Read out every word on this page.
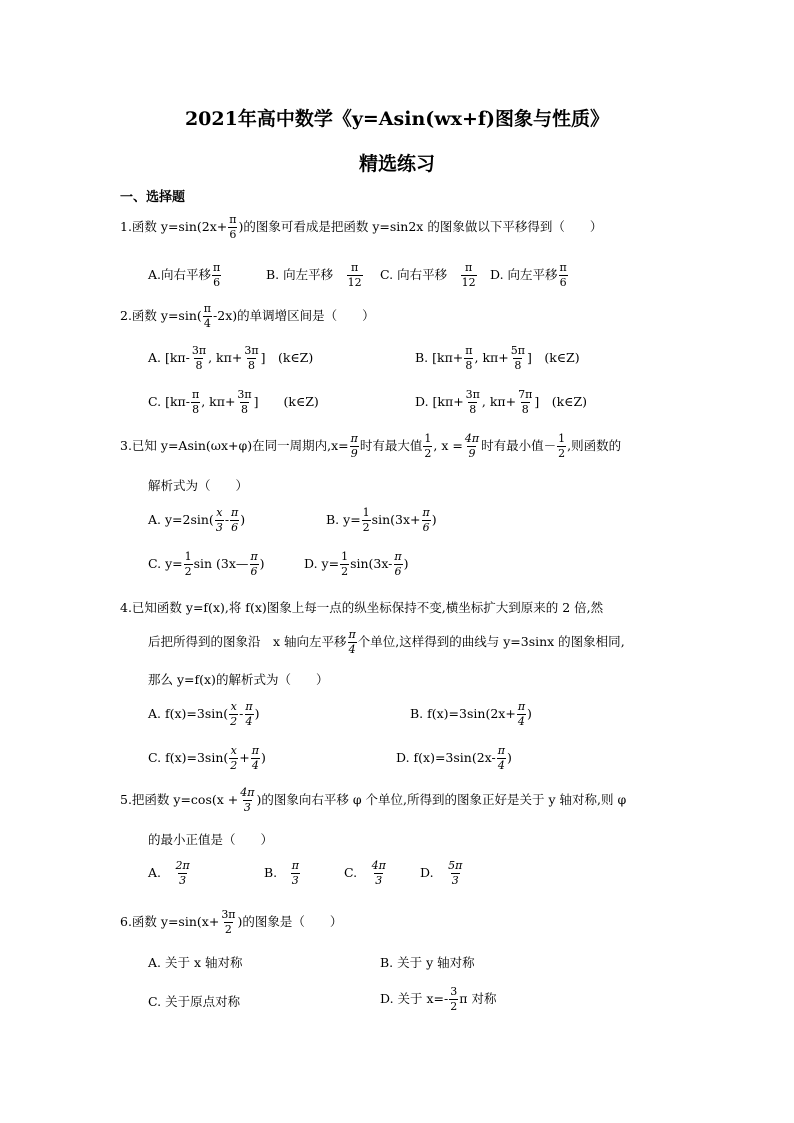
2021年高中数学《y=Asin(wx+f)图象与性质》
精选练习
一、选择题
1.函数 $y=\sin(2x+ \frac{\pi}{6}$ )的图象可看成是把函数 y=sin2x 的图象做以下平移得到（　　）
A.向右平移 $\frac{\pi}{6}$	B. 向左平移　 $\frac{\pi}{12} C$. 向右平移　 $\frac{\pi}{12} D$. 向左平移 $\frac{\pi}{6}$
2.函数 $y=\sin( \frac{\pi}{4} -2x)$的单调增区间是（　　）
A. [$k\pi- \frac{3\pi}{8}$ , $k\pi+ \frac{3\pi}{8}$ ]　(k∈Z)	B. [$k\pi+ \frac{\pi}{8}$ , $k\pi+ \frac{5\pi}{8}$ ]　(k∈Z)
C. [$k\pi- \frac{\pi}{8}$ , $k\pi+ \frac{3\pi}{8}$ ]　　(k∈Z)	D. [$k\pi+ \frac{3\pi}{8}$ , $k\pi+ \frac{7\pi}{8}$ ]　(k∈Z)
3.已知 y=Asin(ωx+φ)在同一周期内$,x= \frac{\pi}{9}$ 时有最大值 $\frac{1}{2}$ , $x = \frac{4\pi}{9}$ 时有最小值－ $\frac{1}{2}$ ,则函数的
解析式为（　　）
A. $y=2\sin( \frac{x}{3} - \frac{\pi}{6}$ )	B. $y= \frac{1}{2} \sin(3x+ \frac{\pi}{6}$ )
C. $y= \frac{1}{2}$ sin (3x— $\frac{\pi}{6}$ )	D. $y= \frac{1}{2} \sin(3x- \frac{\pi}{6}$ )
4.已知函数 y=f(x),将 f(x)图象上每一点的纵坐标保持不变,横坐标扩大到原来的 2 倍,然
后把所得到的图象沿　x 轴向左平移 $\frac{\pi}{4}$ 个单位,这样得到的曲线与 y=3sinx 的图象相同,
那么 y=f(x)的解析式为（　　）
A. $f(x)=3\sin( \frac{x}{2} - \frac{\pi}{4}$ )	B. $f(x)=3\sin(2x+ \frac{\pi}{4}$ )
C. $f(x)=3\sin( \frac{x}{2} + \frac{\pi}{4}$ )	D. $f(x)=3\sin(2x- \frac{\pi}{4}$ )
5.把函数 $y=\cos(x + \frac{4\pi}{3}$ )的图象向右平移 φ 个单位,所得到的图象正好是关于 y 轴对称,则 φ
的最小正值是（　　）
A.　 $\frac{2\pi}{3}$	B.　 $\frac{\pi}{3}$	C.　 $\frac{4\pi}{3}$	D.　 $\frac{5\pi}{3}$
6.函数 $y=\sin(x+ \frac{3\pi}{2}$ )的图象是（　　）
A. 关于 x 轴对称	B. 关于 y 轴对称
C. 关于原点对称	D. 关于 $x=- \frac{3}{2}$ π 对称
